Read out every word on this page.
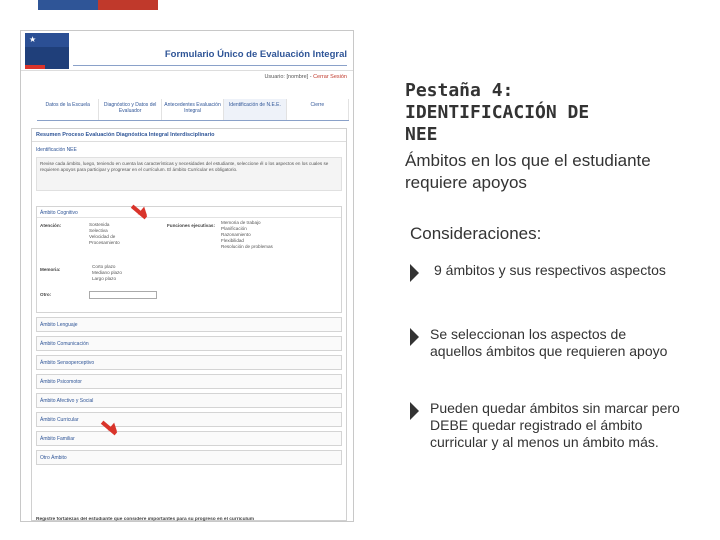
★
Formulario Único de Evaluación Integral
Usuario: [nombre] - Cerrar Sesión
Datos de la Escuela	Diagnóstico y Datos del Evaluador
Antecedentes Evaluación Integral
Identificación de N.E.E.	Cierre
Resumen Proceso Evaluación Diagnóstica Integral Interdisciplinario
Identificación NEE
Revise cada ámbito, luego, teniendo en cuenta las características y necesidades del estudiante, seleccione él o los aspectos en los cuales se requieren apoyos para participar y progresar en el currículum. El ámbito Curricular es obligatorio.
Ámbito Cognitivo
Atención:	Sostenida
Selectiva
Velocidad de
Procesamiento
Funciones ejecutivas:
Memoria de trabajo
Planificación
Razonamiento
Flexibilidad
Resolución de problemas
Memoria:
Corto plazo
Mediano plazo
Largo plazo
Otro:
Ámbito Lenguaje
Ámbito Comunicación
Ámbito Sensoperceptivo
Ámbito Psicomotor
Ámbito Afectivo y Social
Ámbito Curricular
Ámbito Familiar
Otro Ámbito
Registre fortalezas del estudiante que considere importantes para su progreso en el currículum
Pestaña 4:
IDENTIFICACIÓN DE
NEE
Ámbitos en los que el estudiante requiere apoyos
Consideraciones:
9 ámbitos y sus respectivos aspectos
Se seleccionan los aspectos de aquellos ámbitos que requieren apoyo
Pueden quedar ámbitos sin marcar pero DEBE quedar registrado el ámbito curricular y al menos un ámbito más.
